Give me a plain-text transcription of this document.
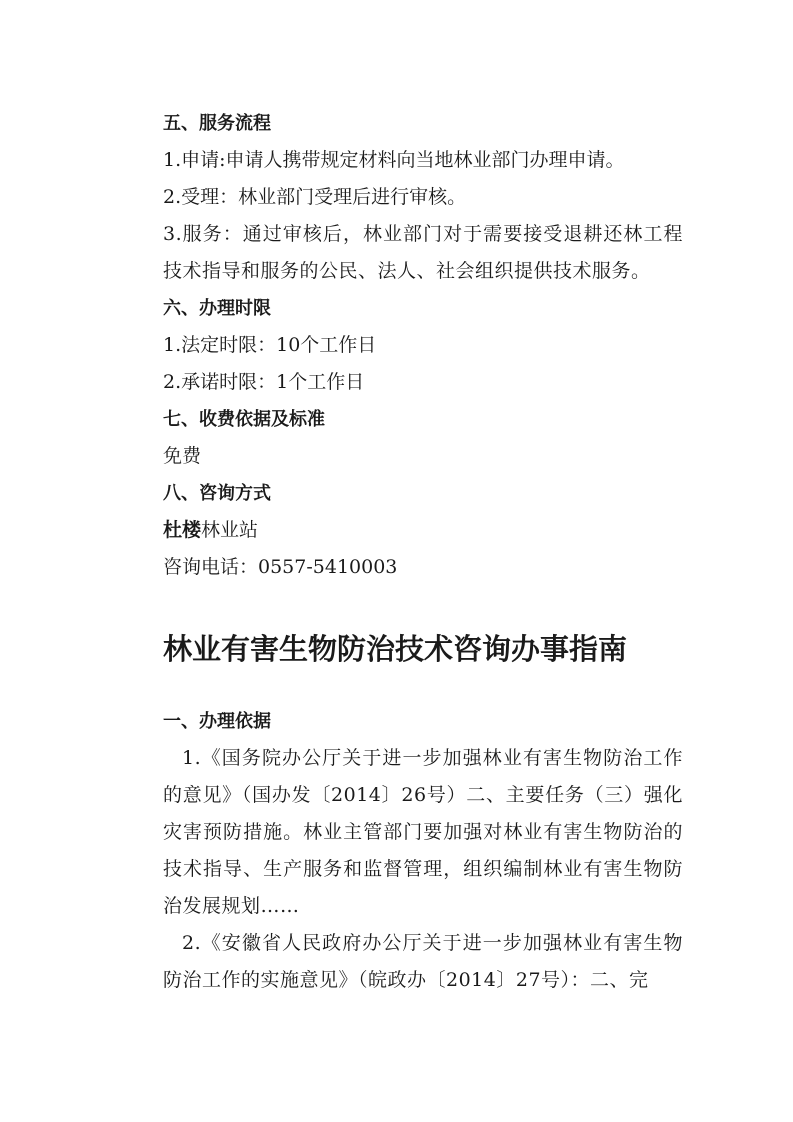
五、服务流程

1.申请:申请人携带规定材料向当地林业部门办理申请。

2.受理：林业部门受理后进行审核。

3.服务：通过审核后，林业部门对于需要接受退耕还林工程技术指导和服务的公民、法人、社会组织提供技术服务。

六、办理时限

1.法定时限：10个工作日

2.承诺时限：1个工作日

七、收费依据及标准

免费

八、咨询方式

杜楼林业站

咨询电话：0557-5410003

林业有害生物防治技术咨询办事指南

一、办理依据

1.《国务院办公厅关于进一步加强林业有害生物防治工作的意见》（国办发〔2014〕26号）二、主要任务（三）强化灾害预防措施。林业主管部门要加强对林业有害生物防治的技术指导、生产服务和监督管理，组织编制林业有害生物防治发展规划……

2.《安徽省人民政府办公厅关于进一步加强林业有害生物防治工作的实施意见》（皖政办〔2014〕27号）：二、完
